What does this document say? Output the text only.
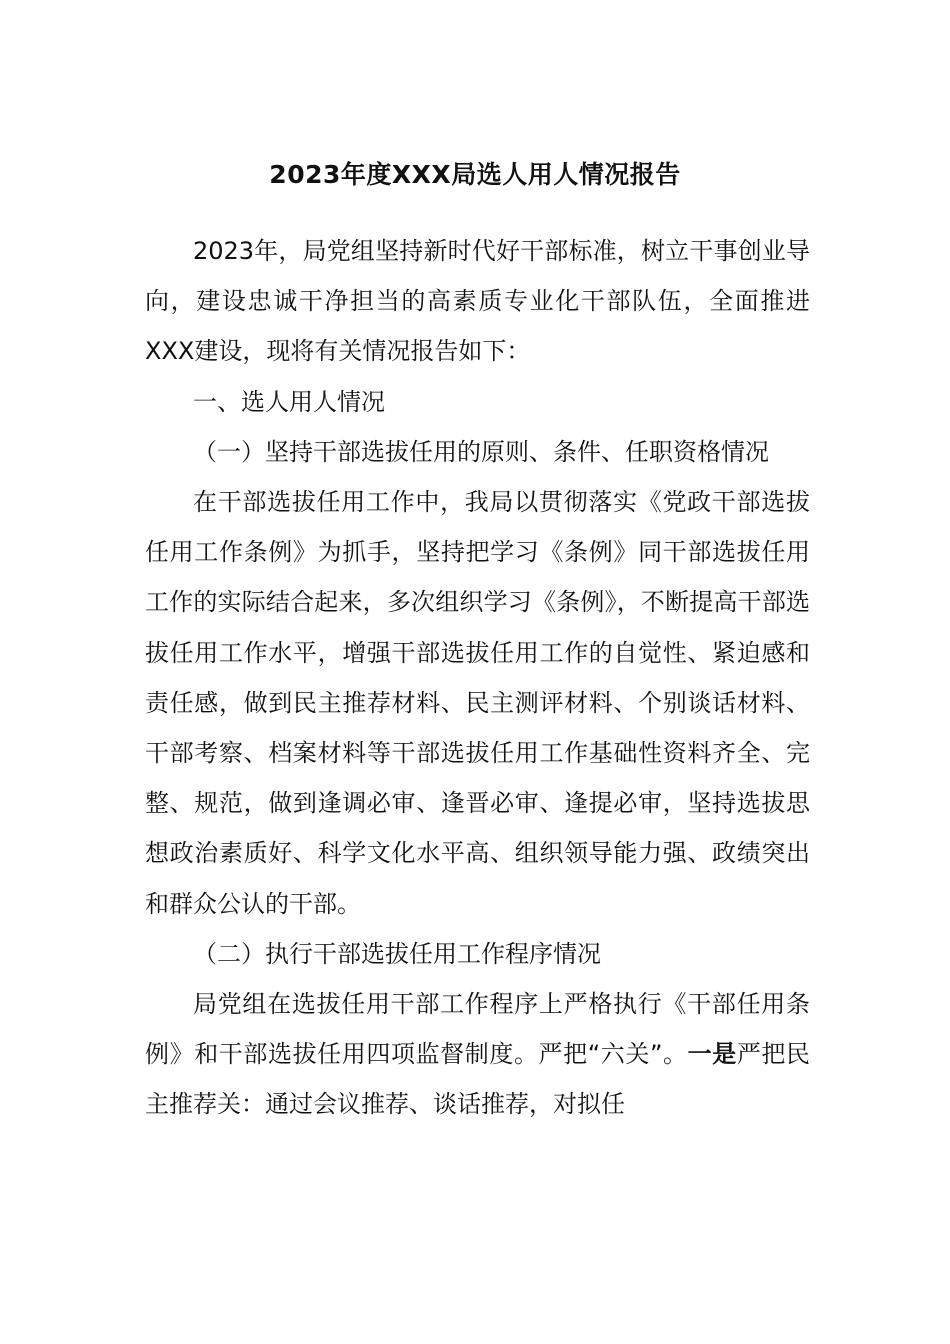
2023年度XXX局选人用人情况报告

2023年，局党组坚持新时代好干部标准，树立干事创业导向，建设忠诚干净担当的高素质专业化干部队伍，全面推进XXX建设，现将有关情况报告如下：

一、选人用人情况

（一）坚持干部选拔任用的原则、条件、任职资格情况

在干部选拔任用工作中，我局以贯彻落实《党政干部选拔任用工作条例》为抓手，坚持把学习《条例》同干部选拔任用工作的实际结合起来，多次组织学习《条例》，不断提高干部选拔任用工作水平，增强干部选拔任用工作的自觉性、紧迫感和责任感，做到民主推荐材料、民主测评材料、个别谈话材料、干部考察、档案材料等干部选拔任用工作基础性资料齐全、完整、规范，做到逢调必审、逢晋必审、逢提必审，坚持选拔思想政治素质好、科学文化水平高、组织领导能力强、政绩突出和群众公认的干部。

（二）执行干部选拔任用工作程序情况

局党组在选拔任用干部工作程序上严格执行《干部任用条例》和干部选拔任用四项监督制度。严把“六关”。一是严把民主推荐关：通过会议推荐、谈话推荐，对拟任
